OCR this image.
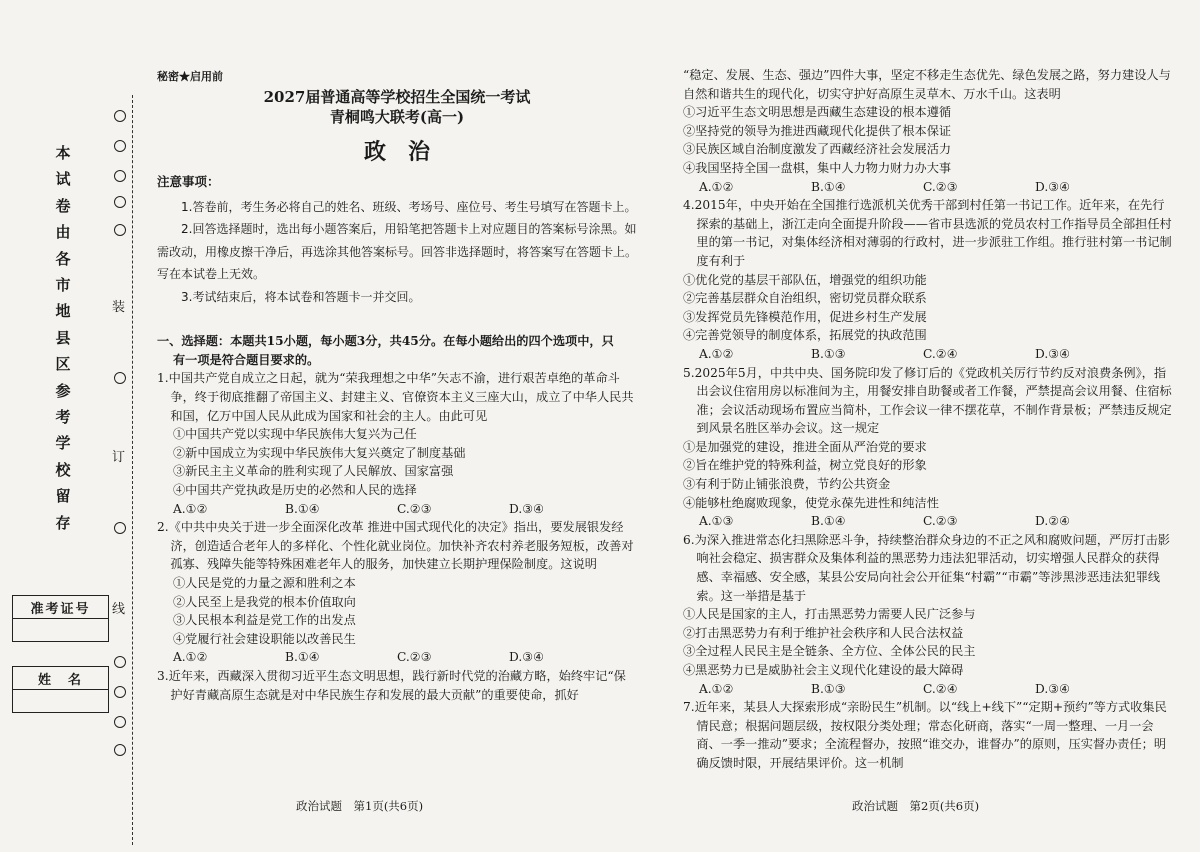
本
试
卷
由
各
市
地
县
区
参
考
学
校
留
存
装
订
线
准考证号
姓　名
秘密★启用前
2027届普通高等学校招生全国统一考试
青桐鸣大联考(高一)
政治
注意事项：
1.答卷前，考生务必将自己的姓名、班级、考场号、座位号、考生号填写在答题卡上。
2.回答选择题时，选出每小题答案后，用铅笔把答题卡上对应题目的答案标号涂黑。如需改动，用橡皮擦干净后，再选涂其他答案标号。回答非选择题时，将答案写在答题卡上。写在本试卷上无效。
3.考试结束后，将本试卷和答题卡一并交回。
一、选择题：本题共15小题，每小题3分，共45分。在每小题给出的四个选项中，只
有一项是符合题目要求的。
1.中国共产党自成立之日起，就为“荣我理想之中华”矢志不渝，进行艰苦卓绝的革命斗争，终于彻底推翻了帝国主义、封建主义、官僚资本主义三座大山，成立了中华人民共和国，亿万中国人民从此成为国家和社会的主人。由此可见
①中国共产党以实现中华民族伟大复兴为己任
②新中国成立为实现中华民族伟大复兴奠定了制度基础
③新民主主义革命的胜利实现了人民解放、国家富强
④中国共产党执政是历史的必然和人民的选择
A.①②	B.①④	C.②③	D.③④
2.《中共中央关于进一步全面深化改革 推进中国式现代化的决定》指出，要发展银发经济，创造适合老年人的多样化、个性化就业岗位。加快补齐农村养老服务短板，改善对孤寡、残障失能等特殊困难老年人的服务，加快建立长期护理保险制度。这说明
①人民是党的力量之源和胜利之本
②人民至上是我党的根本价值取向
③人民根本利益是党工作的出发点
④党履行社会建设职能以改善民生
A.①②	B.①④	C.②③	D.③④
3.近年来，西藏深入贯彻习近平生态文明思想，践行新时代党的治藏方略，始终牢记“保护好青藏高原生态就是对中华民族生存和发展的最大贡献”的重要使命，抓好
“稳定、发展、生态、强边”四件大事，坚定不移走生态优先、绿色发展之路，努力建设人与自然和谐共生的现代化，切实守护好高原生灵草木、万水千山。这表明
①习近平生态文明思想是西藏生态建设的根本遵循
②坚持党的领导为推进西藏现代化提供了根本保证
③民族区域自治制度激发了西藏经济社会发展活力
④我国坚持全国一盘棋，集中人力物力财力办大事
A.①②	B.①④	C.②③	D.③④
4.2015年，中央开始在全国推行选派机关优秀干部到村任第一书记工作。近年来，在先行探索的基础上，浙江走向全面提升阶段——省市县选派的党员农村工作指导员全部担任村里的第一书记，对集体经济相对薄弱的行政村，进一步派驻工作组。推行驻村第一书记制度有利于
①优化党的基层干部队伍，增强党的组织功能
②完善基层群众自治组织，密切党员群众联系
③发挥党员先锋模范作用，促进乡村生产发展
④完善党领导的制度体系，拓展党的执政范围
A.①②	B.①③	C.②④	D.③④
5.2025年5月，中共中央、国务院印发了修订后的《党政机关厉行节约反对浪费条例》，指出会议住宿用房以标准间为主，用餐安排自助餐或者工作餐，严禁提高会议用餐、住宿标准；会议活动现场布置应当简朴，工作会议一律不摆花草，不制作背景板；严禁违反规定到风景名胜区举办会议。这一规定
①是加强党的建设，推进全面从严治党的要求
②旨在维护党的特殊利益，树立党良好的形象
③有利于防止铺张浪费，节约公共资金
④能够杜绝腐败现象，使党永葆先进性和纯洁性
A.①③	B.①④	C.②③	D.②④
6.为深入推进常态化扫黑除恶斗争，持续整治群众身边的不正之风和腐败问题，严厉打击影响社会稳定、损害群众及集体利益的黑恶势力违法犯罪活动，切实增强人民群众的获得感、幸福感、安全感，某县公安局向社会公开征集“村霸”“市霸”等涉黑涉恶违法犯罪线索。这一举措是基于
①人民是国家的主人，打击黑恶势力需要人民广泛参与
②打击黑恶势力有利于维护社会秩序和人民合法权益
③全过程人民民主是全链条、全方位、全体公民的民主
④黑恶势力已是威胁社会主义现代化建设的最大障碍
A.①②	B.①③	C.②④	D.③④
7.近年来，某县人大探索形成“亲盼民生”机制。以“线上+线下”“定期+预约”等方式收集民情民意；根据问题层级，按权限分类处理；常态化研商，落实“一周一整理、一月一会商、一季一推动”要求；全流程督办，按照“谁交办，谁督办”的原则，压实督办责任；明确反馈时限，开展结果评价。这一机制
政治试题　第1页(共6页)	政治试题　第2页(共6页)
